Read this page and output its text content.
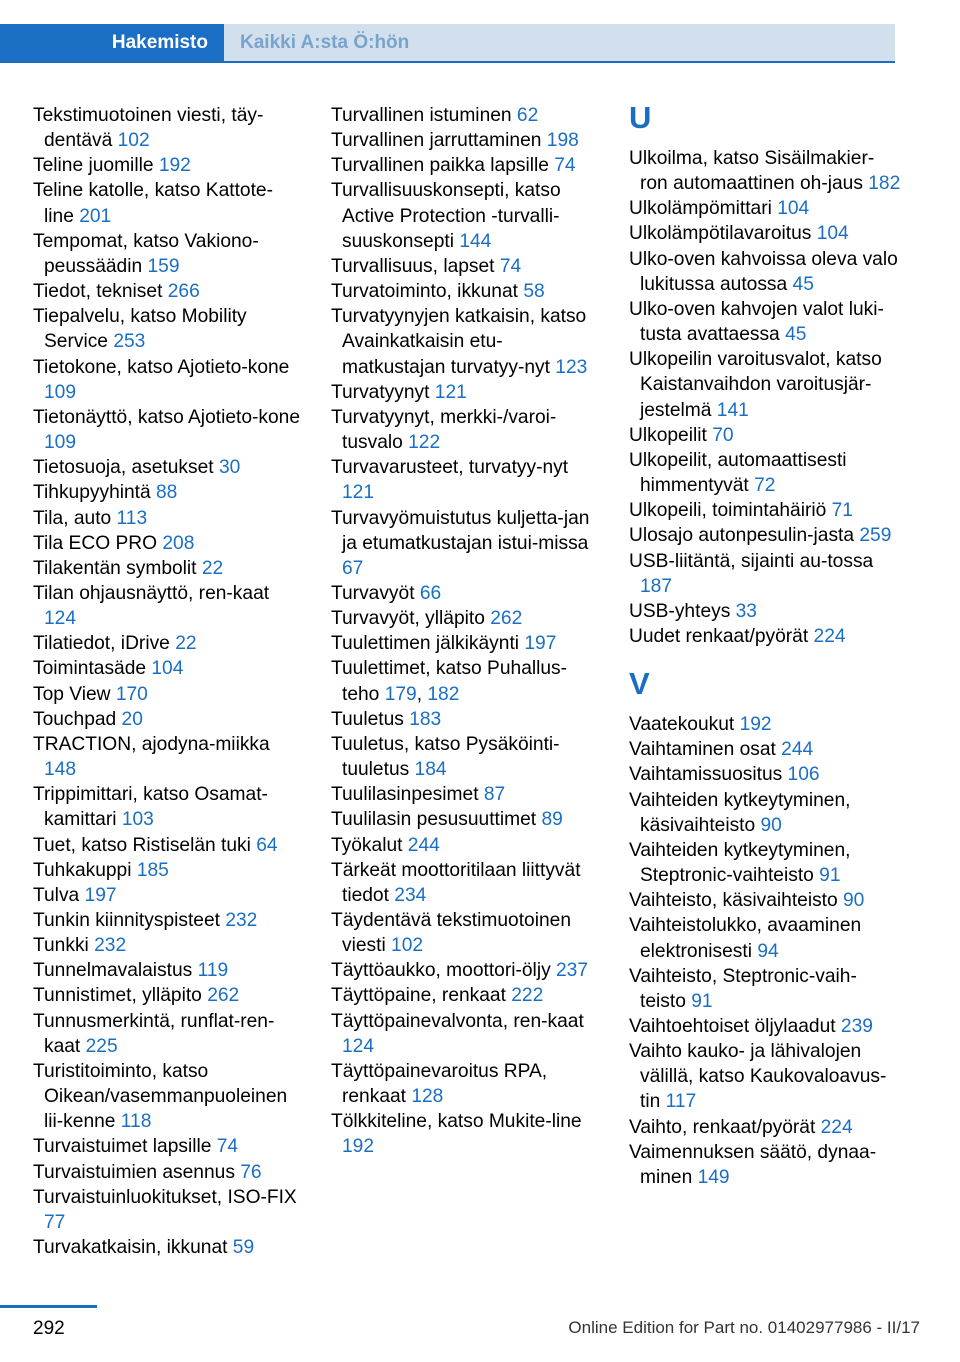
Hakemisto	Kaikki A:sta Ö:hön
Tekstimuotoinen viesti, täy‐dentävä 102
Teline juomille 192
Teline katolle, katso Kattote‐line 201
Tempomat, katso Vakiono‐peussäädin 159
Tiedot, tekniset 266
Tiepalvelu, katso Mobility Service 253
Tietokone, katso Ajotieto‐kone 109
Tietonäyttö, katso Ajotieto‐kone 109
Tietosuoja, asetukset 30
Tihkupyyhintä 88
Tila, auto 113
Tila ECO PRO 208
Tilakentän symbolit 22
Tilan ohjausnäyttö, ren‐kaat 124
Tilatiedot, iDrive 22
Toimintasäde 104
Top View 170
Touchpad 20
TRACTION, ajodyna‐miikka 148
Trippimittari, katso Osamat‐kamittari 103
Tuet, katso Ristiselän tuki 64
Tuhkakuppi 185
Tulva 197
Tunkin kiinnityspisteet 232
Tunkki 232
Tunnelmavalaistus 119
Tunnistimet, ylläpito 262
Tunnusmerkintä, runflat-ren‐kaat 225
Turistitoiminto, katso Oikean/vasemmanpuoleinen lii‐kenne 118
Turvaistuimet lapsille 74
Turvaistuimien asennus 76
Turvaistuinluokitukset, ISO‐FIX 77
Turvakatkaisin, ikkunat 59
Turvallinen istuminen 62
Turvallinen jarruttaminen 198
Turvallinen paikka lapsille 74
Turvallisuuskonsepti, katso Active Protection -turvalli‐suuskonsepti 144
Turvallisuus, lapset 74
Turvatoiminto, ikkunat 58
Turvatyynyjen katkaisin, katso Avainkatkaisin etu‐matkustajan turvatyy‐nyt 123
Turvatyynyt 121
Turvatyynyt, merkki-/varoi‐tusvalo 122
Turvavarusteet, turvatyy‐nyt 121
Turvavyömuistutus kuljetta‐jan ja etumatkustajan istui‐missa 67
Turvavyöt 66
Turvavyöt, ylläpito 262
Tuulettimen jälkikäynti 197
Tuulettimet, katso Puhallus‐teho 179, 182
Tuuletus 183
Tuuletus, katso Pysäköinti‐tuuletus 184
Tuulilasinpesimet 87
Tuulilasin pesusuuttimet 89
Työkalut 244
Tärkeät moottoritilaan liittyvät tiedot 234
Täydentävä tekstimuotoinen viesti 102
Täyttöaukko, moottori‐öljy 237
Täyttöpaine, renkaat 222
Täyttöpainevalvonta, ren‐kaat 124
Täyttöpainevaroitus RPA, renkaat 128
Tölkkiteline, katso Mukite‐line 192
U
Ulkoilma, katso Sisäilmakier‐ron automaattinen oh‐jaus 182
Ulkolämpömittari 104
Ulkolämpötilavaroitus 104
Ulko-oven kahvoissa oleva valo lukitussa autossa 45
Ulko-oven kahvojen valot luki‐tusta avattaessa 45
Ulkopeilin varoitusvalot, katso Kaistanvaihdon varoitusjär‐jestelmä 141
Ulkopeilit 70
Ulkopeilit, automaattisesti himmentyvät 72
Ulkopeili, toimintahäiriö 71
Ulosajo autonpesulin‐jasta 259
USB-liitäntä, sijainti au‐tossa 187
USB-yhteys 33
Uudet renkaat/pyörät 224
V
Vaatekoukut 192
Vaihtaminen osat 244
Vaihtamissuositus 106
Vaihteiden kytkeytyminen, käsivaihteisto 90
Vaihteiden kytkeytyminen, Steptronic-vaihteisto 91
Vaihteisto, käsivaihteisto 90
Vaihteistolukko, avaaminen elektronisesti 94
Vaihteisto, Steptronic-vaih‐teisto 91
Vaihtoehtoiset öljylaadut 239
Vaihto kauko- ja lähivalojen välillä, katso Kaukovaloavus‐tin 117
Vaihto, renkaat/pyörät 224
Vaimennuksen säätö, dynaa‐minen 149
292	Online Edition for Part no. 01402977986 - II/17
